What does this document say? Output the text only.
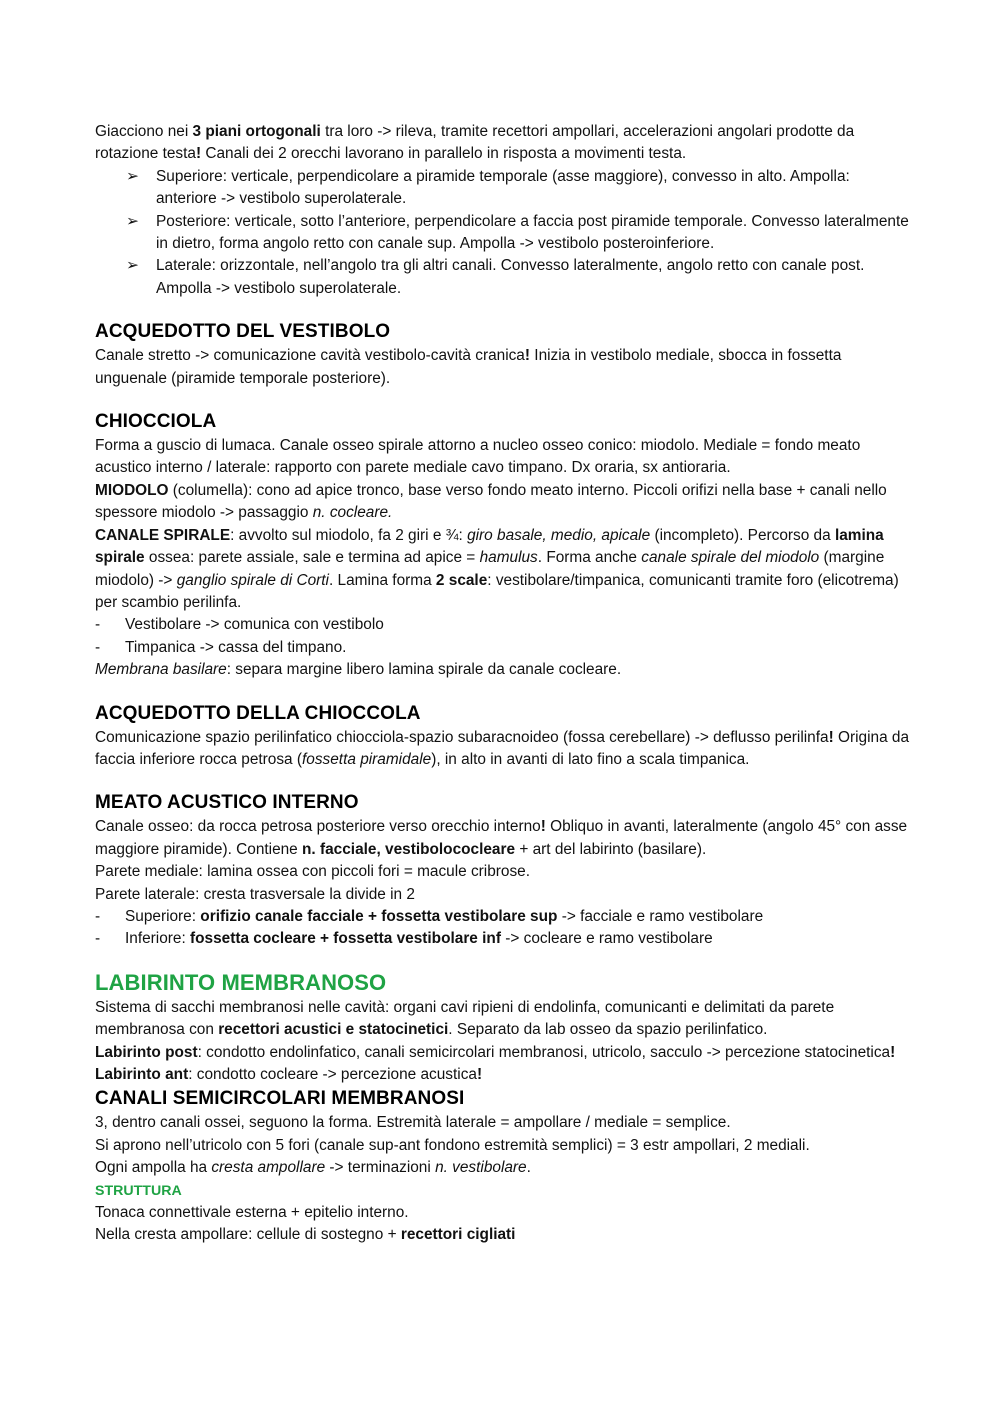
Giacciono nei 3 piani ortogonali tra loro -> rileva, tramite recettori ampollari, accelerazioni angolari prodotte da rotazione testa! Canali dei 2 orecchi lavorano in parallelo in risposta a movimenti testa.

➢	Superiore: verticale, perpendicolare a piramide temporale (asse maggiore), convesso in alto. Ampolla: anteriore -> vestibolo superolaterale.
➢	Posteriore: verticale, sotto l’anteriore, perpendicolare a faccia post piramide temporale. Convesso lateralmente in dietro, forma angolo retto con canale sup. Ampolla -> vestibolo posteroinferiore.
➢	Laterale: orizzontale, nell’angolo tra gli altri canali. Convesso lateralmente, angolo retto con canale post. Ampolla -> vestibolo superolaterale.
ACQUEDOTTO DEL VESTIBOLO

Canale stretto -> comunicazione cavità vestibolo-cavità cranica! Inizia in vestibolo mediale, sbocca in fossetta unguenale (piramide temporale posteriore).

CHIOCCIOLA

Forma a guscio di lumaca. Canale osseo spirale attorno a nucleo osseo conico: miodolo. Mediale = fondo meato acustico interno / laterale: rapporto con parete mediale cavo timpano. Dx oraria, sx antioraria.

MIODOLO (columella): cono ad apice tronco, base verso fondo meato interno. Piccoli orifizi nella base + canali nello spessore miodolo -> passaggio n. cocleare.

CANALE SPIRALE: avvolto sul miodolo, fa 2 giri e ¾: giro basale, medio, apicale (incompleto). Percorso da lamina spirale ossea: parete assiale, sale e termina ad apice = hamulus. Forma anche canale spirale del miodolo (margine miodolo) -> ganglio spirale di Corti. Lamina forma 2 scale: vestibolare/timpanica, comunicanti tramite foro (elicotrema) per scambio perilinfa.

- Vestibolare -> comunica con vestibolo
- Timpanica -> cassa del timpano.

Membrana basilare: separa margine libero lamina spirale da canale cocleare.

ACQUEDOTTO DELLA CHIOCCOLA

Comunicazione spazio perilinfatico chiocciola-spazio subaracnoideo (fossa cerebellare) -> deflusso perilinfa! Origina da faccia inferiore rocca petrosa (fossetta piramidale), in alto in avanti di lato fino a scala timpanica.

MEATO ACUSTICO INTERNO

Canale osseo: da rocca petrosa posteriore verso orecchio interno! Obliquo in avanti, lateralmente (angolo 45° con asse maggiore piramide). Contiene n. facciale, vestibolococleare + art del labirinto (basilare).

Parete mediale: lamina ossea con piccoli fori = macule cribrose.

Parete laterale: cresta trasversale la divide in 2

- Superiore: orifizio canale facciale + fossetta vestibolare sup -> facciale e ramo vestibolare
- Inferiore: fossetta cocleare + fossetta vestibolare inf -> cocleare e ramo vestibolare
LABIRINTO MEMBRANOSO

Sistema di sacchi membranosi nelle cavità: organi cavi ripieni di endolinfa, comunicanti e delimitati da parete membranosa con recettori acustici e statocinetici. Separato da lab osseo da spazio perilinfatico.

Labirinto post: condotto endolinfatico, canali semicircolari membranosi, utricolo, sacculo -> percezione statocinetica!

Labirinto ant: condotto cocleare -> percezione acustica!

CANALI SEMICIRCOLARI MEMBRANOSI

3, dentro canali ossei, seguono la forma. Estremità laterale = ampollare / mediale = semplice.

Si aprono nell’utricolo con 5 fori (canale sup-ant fondono estremità semplici) = 3 estr ampollari, 2 mediali.

Ogni ampolla ha cresta ampollare -> terminazioni n. vestibolare.

STRUTTURA

Tonaca connettivale esterna + epitelio interno.

Nella cresta ampollare: cellule di sostegno + recettori cigliati
